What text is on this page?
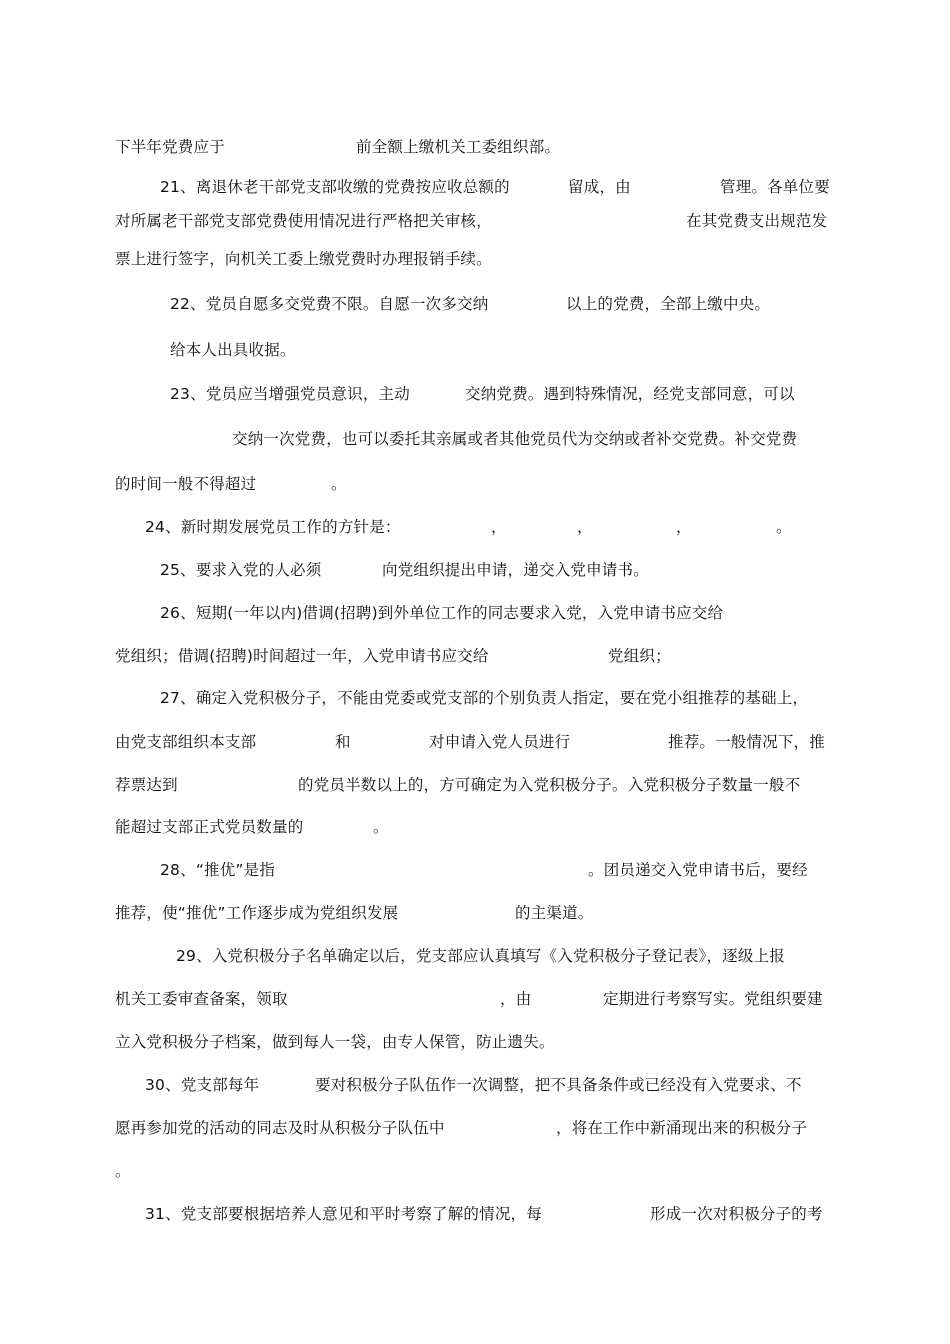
下半年党费应于	前全额上缴机关工委组织部。
21、离退休老干部党支部收缴的党费按应收总额的	留成，由	管理。各单位要
对所属老干部党支部党费使用情况进行严格把关审核，	在其党费支出规范发
票上进行签字，向机关工委上缴党费时办理报销手续。
22、党员自愿多交党费不限。自愿一次多交纳	以上的党费，全部上缴中央。
给本人出具收据。
23、党员应当增强党员意识，主动	交纳党费。遇到特殊情况，经党支部同意，可以
交纳一次党费，也可以委托其亲属或者其他党员代为交纳或者补交党费。补交党费
的时间一般不得超过	。
24、新时期发展党员工作的方针是：	，	，	，	。
25、要求入党的人必须	向党组织提出申请，递交入党申请书。
26、短期(一年以内)借调(招聘)到外单位工作的同志要求入党，入党申请书应交给
党组织；借调(招聘)时间超过一年，入党申请书应交给	党组织；
27、确定入党积极分子，不能由党委或党支部的个别负责人指定，要在党小组推荐的基础上，
由党支部组织本支部	和	对申请入党人员进行	推荐。一般情况下，推
荐票达到	的党员半数以上的，方可确定为入党积极分子。入党积极分子数量一般不
能超过支部正式党员数量的	。
28、“推优”是指	。团员递交入党申请书后，要经
推荐，使“推优”工作逐步成为党组织发展	的主渠道。
29、入党积极分子名单确定以后，党支部应认真填写《入党积极分子登记表》，逐级上报
机关工委审查备案，领取	，由	定期进行考察写实。党组织要建
立入党积极分子档案，做到每人一袋，由专人保管，防止遗失。
30、党支部每年	要对积极分子队伍作一次调整，把不具备条件或已经没有入党要求、不
愿再参加党的活动的同志及时从积极分子队伍中	，将在工作中新涌现出来的积极分子
。
31、党支部要根据培养人意见和平时考察了解的情况，每	形成一次对积极分子的考
